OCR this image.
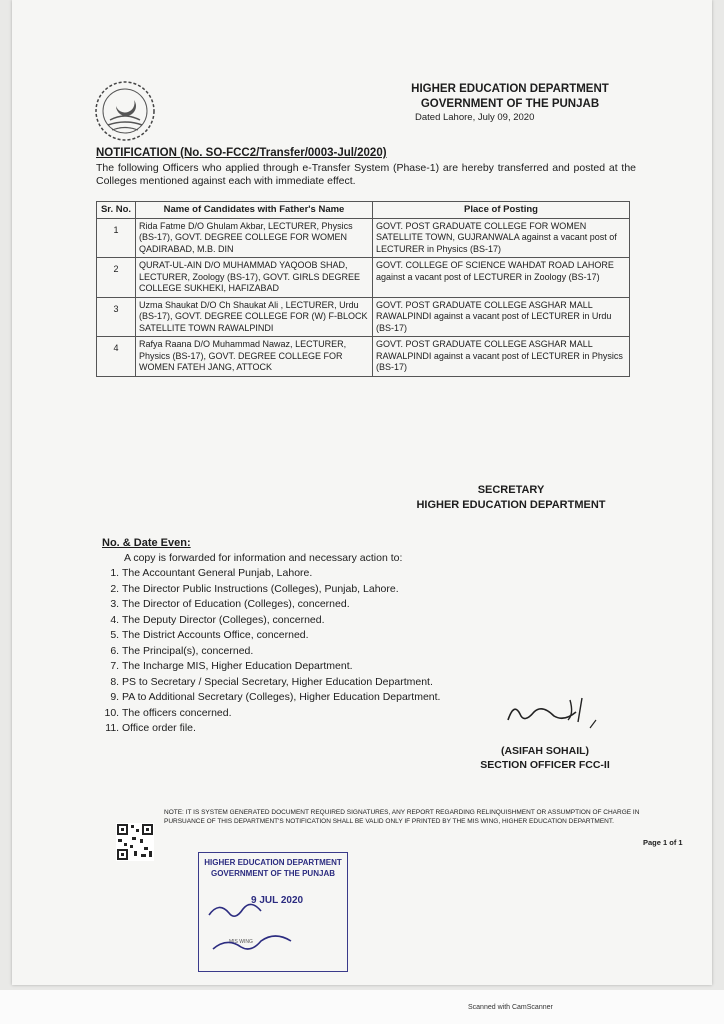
Scanned with CamScanner
HIGHER EDUCATION DEPARTMENT
GOVERNMENT OF THE PUNJAB
Dated Lahore, July 09, 2020
NOTIFICATION (No. SO-FCC2/Transfer/0003-Jul/2020)
The following Officers who applied through e-Transfer System (Phase-1) are hereby transferred and posted at the Colleges mentioned against each with immediate effect.
Sr. No.	Name of Candidates with Father's Name	Place of Posting
1	Rida Fatme D/O Ghulam Akbar, LECTURER, Physics (BS-17), GOVT. DEGREE COLLEGE FOR WOMEN QADIRABAD, M.B. DIN	GOVT. POST GRADUATE COLLEGE FOR WOMEN SATELLITE TOWN, GUJRANWALA against a vacant post of LECTURER in Physics (BS-17)
2	QURAT-UL-AIN D/O MUHAMMAD YAQOOB SHAD, LECTURER, Zoology (BS-17), GOVT. GIRLS DEGREE COLLEGE SUKHEKI, HAFIZABAD	GOVT. COLLEGE OF SCIENCE WAHDAT ROAD LAHORE against a vacant post of LECTURER in Zoology (BS-17)
3	Uzma Shaukat D/O Ch Shaukat Ali , LECTURER, Urdu (BS-17), GOVT. DEGREE COLLEGE FOR (W) F-BLOCK SATELLITE TOWN RAWALPINDI	GOVT. POST GRADUATE COLLEGE ASGHAR MALL RAWALPINDI against a vacant post of LECTURER in Urdu (BS-17)
4	Rafya Raana D/O Muhammad Nawaz, LECTURER, Physics (BS-17), GOVT. DEGREE COLLEGE FOR WOMEN FATEH JANG, ATTOCK	GOVT. POST GRADUATE COLLEGE ASGHAR MALL RAWALPINDI against a vacant post of LECTURER in Physics (BS-17)
SECRETARY
HIGHER EDUCATION DEPARTMENT
No. & Date Even:
A copy is forwarded for information and necessary action to:
1. The Accountant General Punjab, Lahore.
2. The Director Public Instructions (Colleges), Punjab, Lahore.
3. The Director of Education (Colleges), concerned.
4. The Deputy Director (Colleges), concerned.
5. The District Accounts Office, concerned.
6. The Principal(s), concerned.
7. The Incharge MIS, Higher Education Department.
8. PS to Secretary / Special Secretary, Higher Education Department.
9. PA to Additional Secretary (Colleges), Higher Education Department.
10. The officers concerned.
11. Office order file.
(ASIFAH SOHAIL)
SECTION OFFICER FCC-II
NOTE: IT IS SYSTEM GENERATED DOCUMENT REQUIRED SIGNATURES, ANY REPORT REGARDING RELINQUISHMENT OR ASSUMPTION OF CHARGE IN PURSUANCE OF THIS DEPARTMENT'S NOTIFICATION SHALL BE VALID ONLY IF PRINTED BY THE MIS WING, HIGHER EDUCATION DEPARTMENT.
Page 1 of 1
HIGHER EDUCATION DEPARTMENT
GOVERNMENT OF THE PUNJAB
9 JUL 2020
MIS WING
